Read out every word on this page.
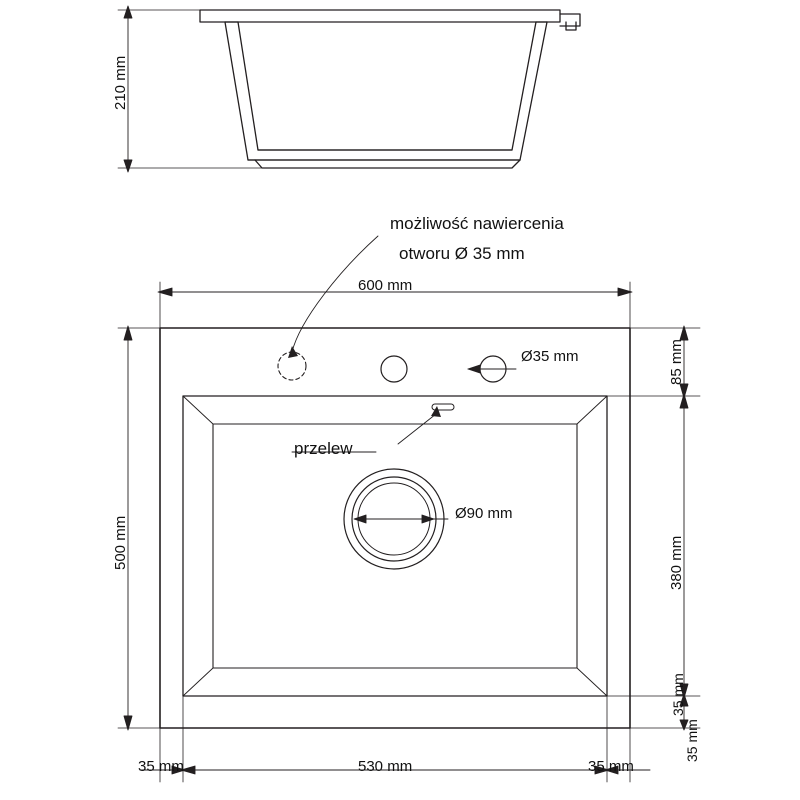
210 mm
możliwość nawiercenia
otworu Ø 35 mm
600 mm
500 mm
Ø35 mm
Ø90 mm
przelew
85 mm
380 mm
35 mm
35 mm
35 mm	530 mm	35 mm
